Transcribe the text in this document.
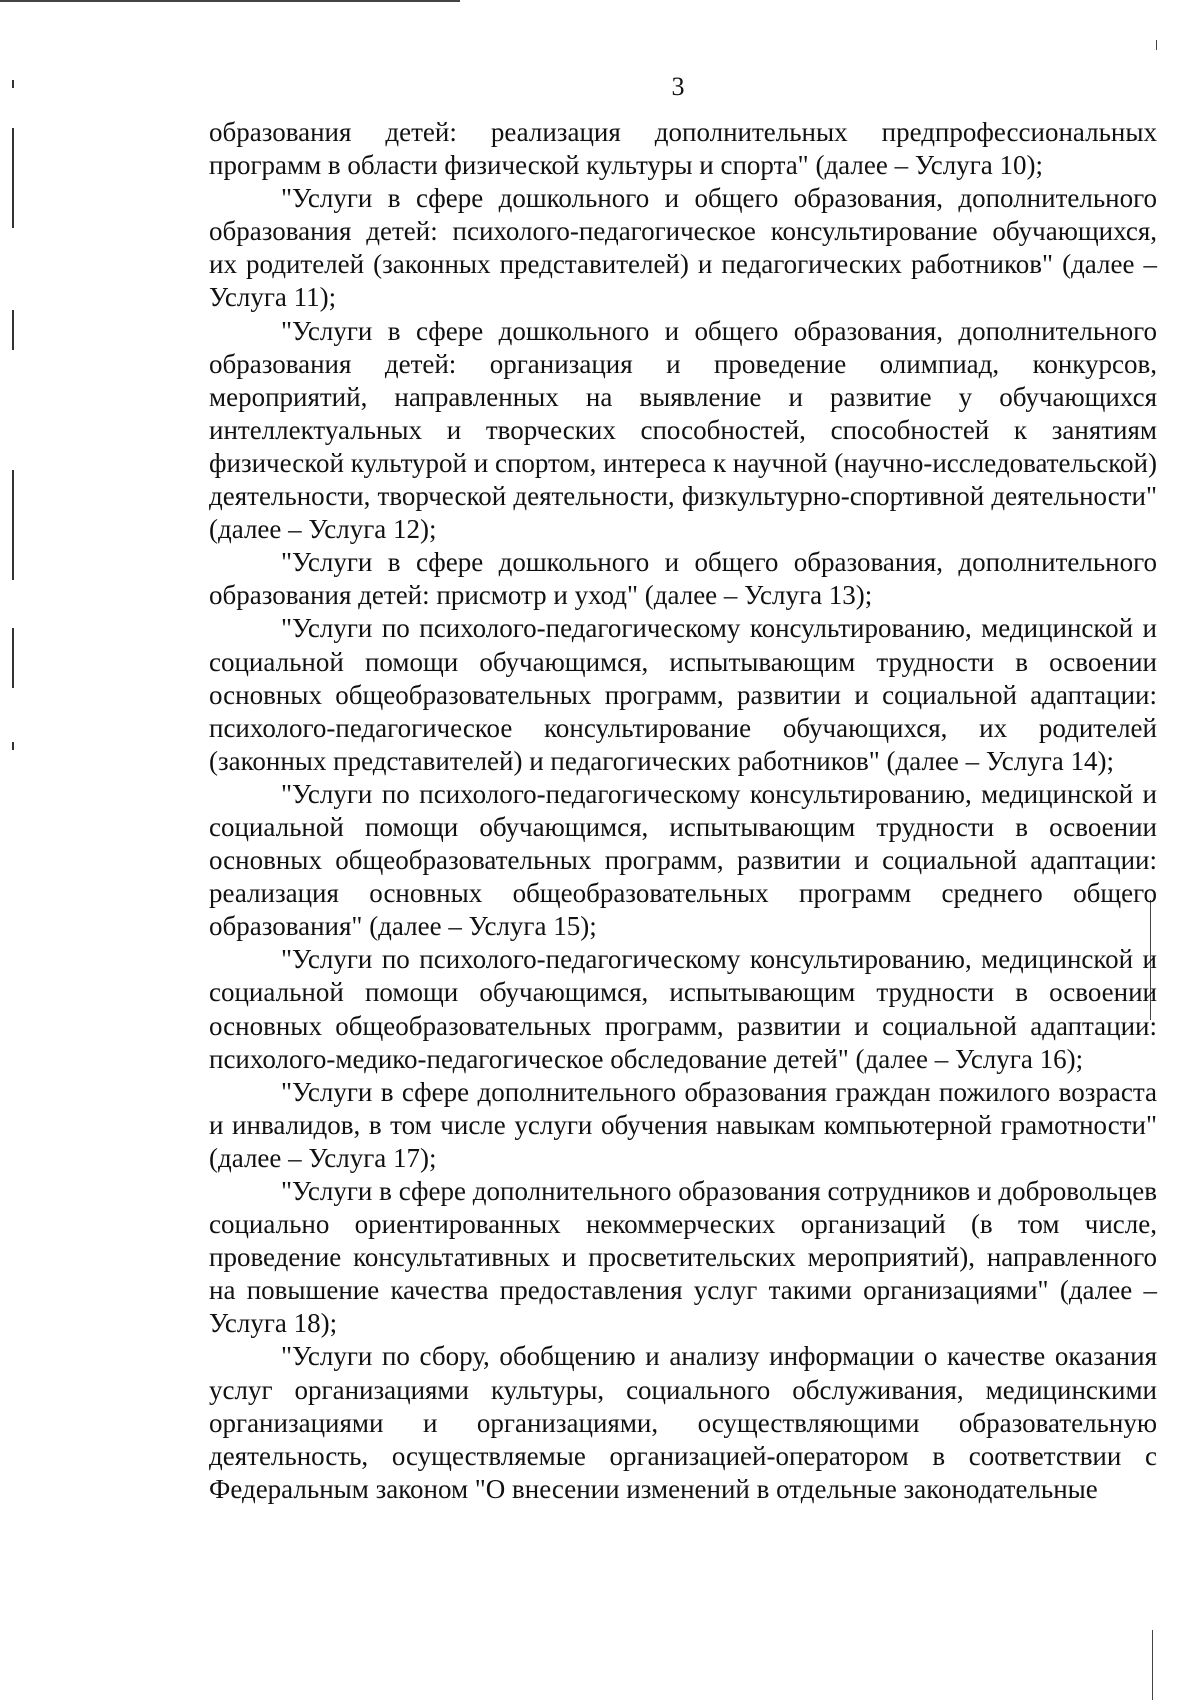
3

образования детей: реализация дополнительных предпрофессиональных программ в области физической культуры и спорта" (далее – Услуга 10);

"Услуги в сфере дошкольного и общего образования, дополнительного образования детей: психолого-педагогическое консультирование обучающихся, их родителей (законных представителей) и педагогических работников" (далее – Услуга 11);

"Услуги в сфере дошкольного и общего образования, дополнительного образования детей: организация и проведение олимпиад, конкурсов, мероприятий, направленных на выявление и развитие у обучающихся интеллектуальных и творческих способностей, способностей к занятиям физической культурой и спортом, интереса к научной (научно-исследовательской) деятельности, творческой деятельности, физкультурно-спортивной деятельности" (далее – Услуга 12);

"Услуги в сфере дошкольного и общего образования, дополнительного образования детей: присмотр и уход" (далее – Услуга 13);

"Услуги по психолого-педагогическому консультированию, медицинской и социальной помощи обучающимся, испытывающим трудности в освоении основных общеобразовательных программ, развитии и социальной адаптации: психолого-педагогическое консультирование обучающихся, их родителей (законных представителей) и педагогических работников" (далее – Услуга 14);

"Услуги по психолого-педагогическому консультированию, медицинской и социальной помощи обучающимся, испытывающим трудности в освоении основных общеобразовательных программ, развитии и социальной адаптации: реализация основных общеобразовательных программ среднего общего образования" (далее – Услуга 15);

"Услуги по психолого-педагогическому консультированию, медицинской и социальной помощи обучающимся, испытывающим трудности в освоении основных общеобразовательных программ, развитии и социальной адаптации: психолого-медико-педагогическое обследование детей" (далее – Услуга 16);

"Услуги в сфере дополнительного образования граждан пожилого возраста и инвалидов, в том числе услуги обучения навыкам компьютерной грамотности" (далее – Услуга 17);

"Услуги в сфере дополнительного образования сотрудников и добровольцев социально ориентированных некоммерческих организаций (в том числе, проведение консультативных и просветительских мероприятий), направленного на повышение качества предоставления услуг такими организациями" (далее – Услуга 18);

"Услуги по сбору, обобщению и анализу информации о качестве оказания услуг организациями культуры, социального обслуживания, медицинскими организациями и организациями, осуществляющими образовательную деятельность, осуществляемые организацией-оператором в соответствии с Федеральным законом "О внесении изменений в отдельные законодательные
